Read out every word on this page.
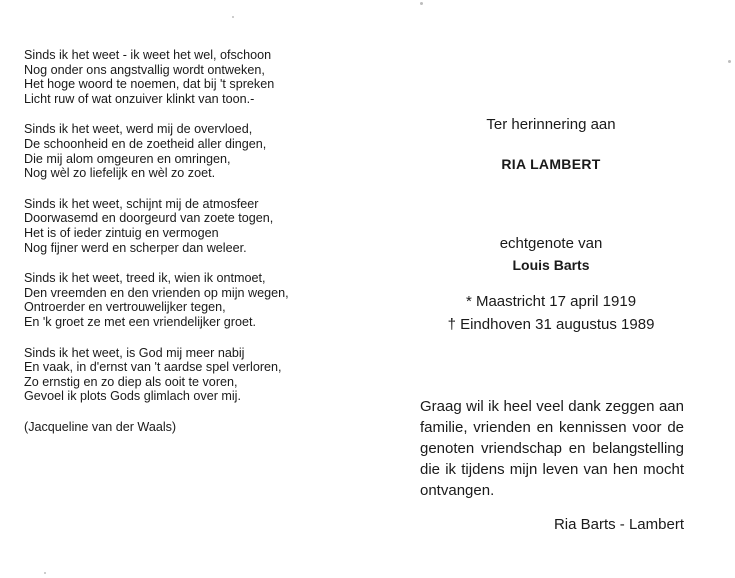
Sinds ik het weet - ik weet het wel, ofschoon
Nog onder ons angstvallig wordt ontweken,
Het hoge woord te noemen, dat bij 't spreken
Licht ruw of wat onzuiver klinkt van toon.-
Sinds ik het weet, werd mij de overvloed,
De schoonheid en de zoetheid aller dingen,
Die mij alom omgeuren en omringen,
Nog wèl zo liefelijk en wèl zo zoet.
Sinds ik het weet, schijnt mij de atmosfeer
Doorwasemd en doorgeurd van zoete togen,
Het is of ieder zintuig en vermogen
Nog fijner werd en scherper dan weleer.
Sinds ik het weet, treed ik, wien ik ontmoet,
Den vreemden en den vrienden op mijn wegen,
Ontroerder en vertrouwelijker tegen,
En 'k groet ze met een vriendelijker groet.
Sinds ik het weet, is God mij meer nabij
En vaak, in d'ernst van 't aardse spel verloren,
Zo ernstig en zo diep als ooit te voren,
Gevoel ik plots Gods glimlach over mij.
(Jacqueline van der Waals)
Ter herinnering aan
RIA LAMBERT
echtgenote van
Louis Barts
* Maastricht 17 april 1919
† Eindhoven 31 augustus 1989
Graag wil ik heel veel dank zeggen aan familie, vrienden en kennissen voor de genoten vriendschap en belangstelling die ik tijdens mijn leven van hen mocht ontvangen.
Ria Barts - Lambert
